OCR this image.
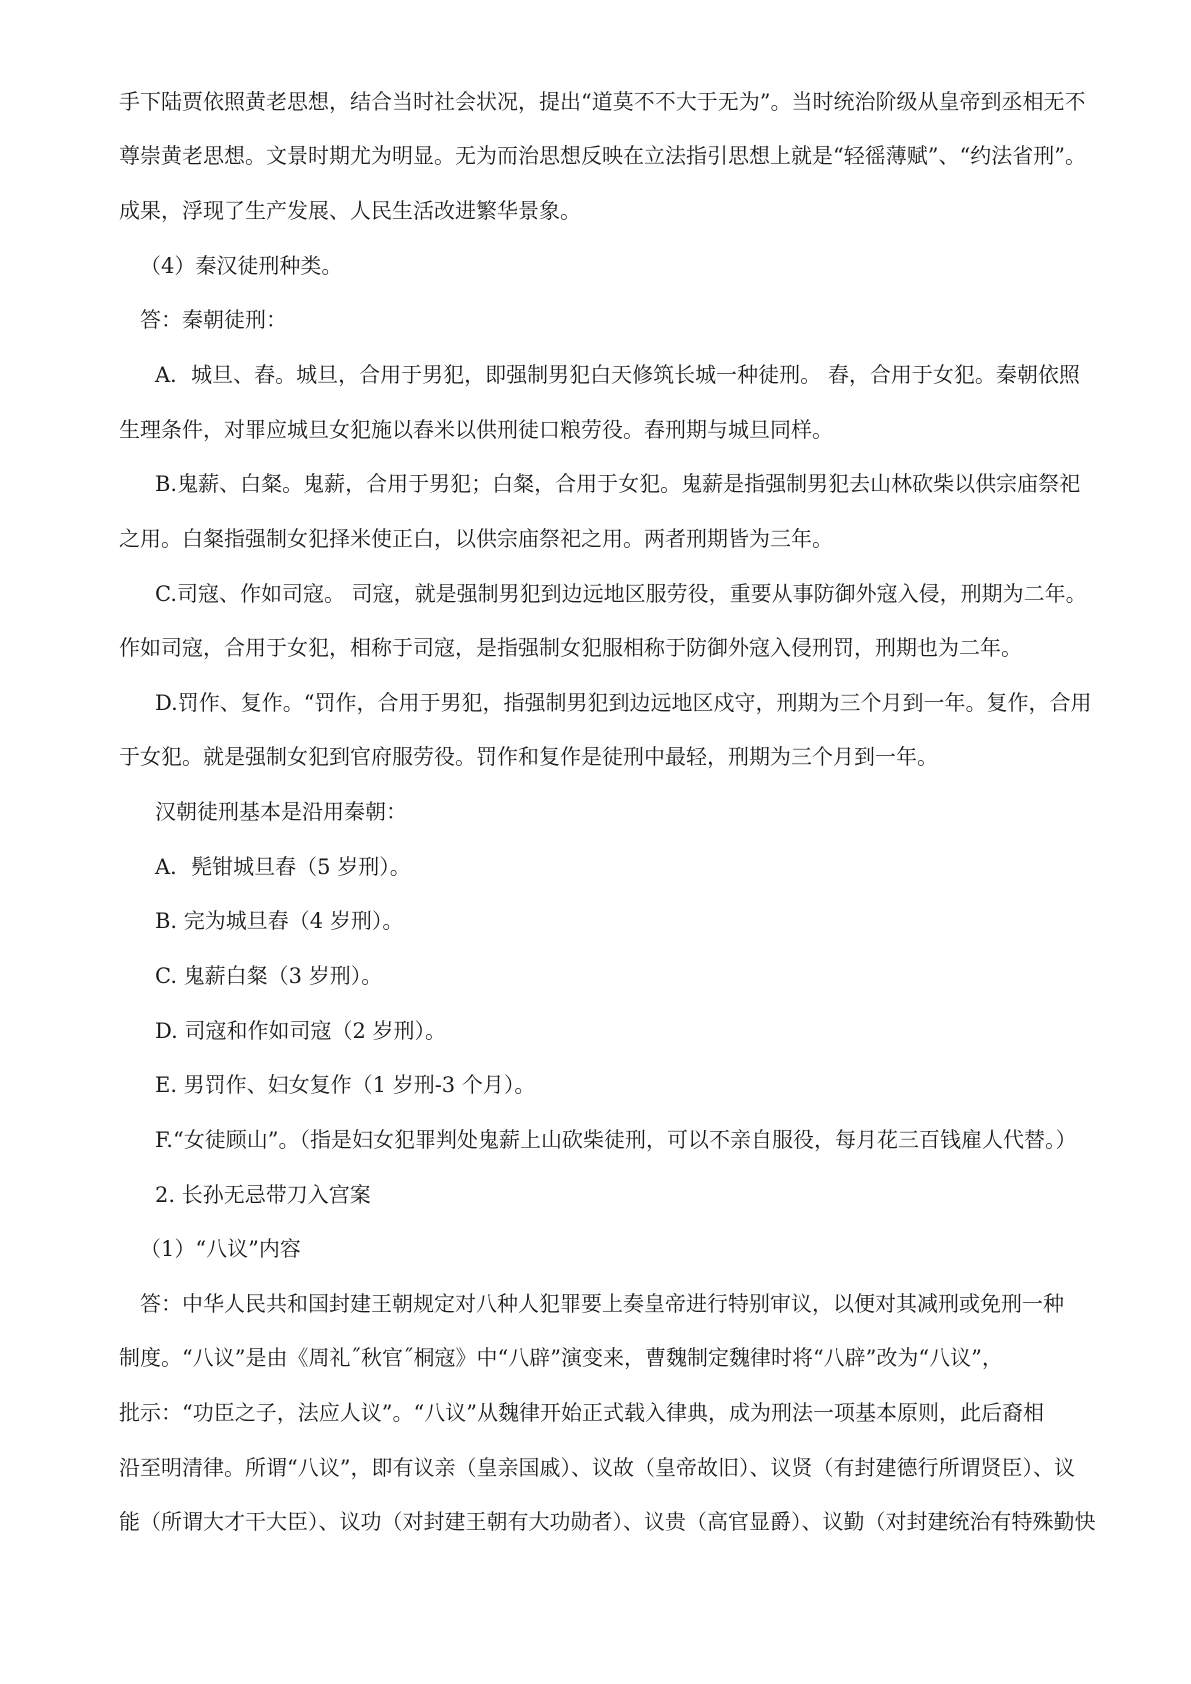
手下陆贾依照黄老思想，结合当时社会状况，提出“道莫不不大于无为”。当时统治阶级从皇帝到丞相无不
尊崇黄老思想。文景时期尤为明显。无为而治思想反映在立法指引思想上就是“轻徭薄赋”、“约法省刑”。
成果，浮现了生产发展、人民生活改进繁华景象。
（4）秦汉徒刑种类。
答：秦朝徒刑：
A．城旦、舂。城旦，合用于男犯，即强制男犯白天修筑长城一种徒刑。 舂，合用于女犯。秦朝依照
生理条件，对罪应城旦女犯施以舂米以供刑徒口粮劳役。舂刑期与城旦同样。
B.鬼薪、白粲。鬼薪，合用于男犯；白粲，合用于女犯。鬼薪是指强制男犯去山林砍柴以供宗庙祭祀
之用。白粲指强制女犯择米使正白，以供宗庙祭祀之用。两者刑期皆为三年。
C.司寇、作如司寇。 司寇，就是强制男犯到边远地区服劳役，重要从事防御外寇入侵，刑期为二年。
作如司寇，合用于女犯，相称于司寇，是指强制女犯服相称于防御外寇入侵刑罚，刑期也为二年。
D.罚作、复作。“罚作，合用于男犯，指强制男犯到边远地区戍守，刑期为三个月到一年。复作，合用
于女犯。就是强制女犯到官府服劳役。罚作和复作是徒刑中最轻，刑期为三个月到一年。
汉朝徒刑基本是沿用秦朝：
A．髡钳城旦舂（5 岁刑）。
B. 完为城旦舂（4 岁刑）。
C. 鬼薪白粲（3 岁刑）。
D. 司寇和作如司寇（2 岁刑）。
E. 男罚作、妇女复作（1 岁刑-3 个月）。
F.“女徒顾山”。（指是妇女犯罪判处鬼薪上山砍柴徒刑，可以不亲自服役，每月花三百钱雇人代替。）
2. 长孙无忌带刀入宫案
（1）“八议”内容
答：中华人民共和国封建王朝规定对八种人犯罪要上奏皇帝进行特别审议，以便对其减刑或免刑一种
制度。“八议”是由《周礼˝秋官˝桐寇》中“八辟”演变来，曹魏制定魏律时将“八辟”改为“八议”，
批示：“功臣之子，法应人议”。“八议”从魏律开始正式载入律典，成为刑法一项基本原则，此后裔相
沿至明清律。所谓“八议”，即有议亲（皇亲国戚）、议故（皇帝故旧）、议贤（有封建德行所谓贤臣）、议
能（所谓大才干大臣）、议功（对封建王朝有大功勋者）、议贵（高官显爵）、议勤（对封建统治有特殊勤快
